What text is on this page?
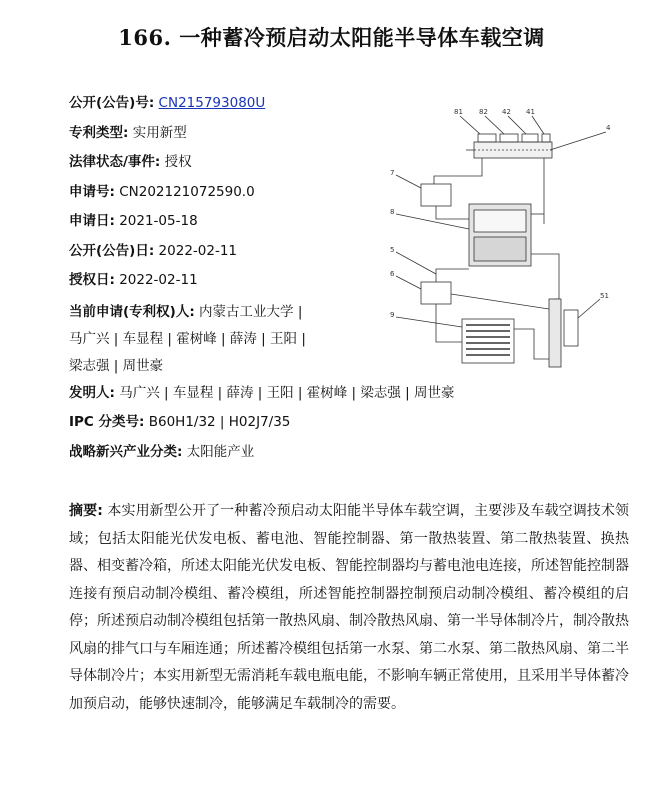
166. 一种蓄冷预启动太阳能半导体车载空调
公开(公告)号: CN215793080U
专利类型: 实用新型
法律状态/事件: 授权
申请号: CN202121072590.0
申请日: 2021-05-18
公开(公告)日: 2022-02-11
授权日: 2022-02-11
当前申请(专利权)人: 内蒙古工业大学 |
马广兴 | 车显程 | 霍树峰 | 薛涛 | 王阳 |
梁志强 | 周世豪
发明人: 马广兴 | 车显程 | 薛涛 | 王阳 | 霍树峰 | 梁志强 | 周世豪
IPC 分类号: B60H1/32 | H02J7/35
战略新兴产业分类: 太阳能产业
81 82 42 41
4
7
8
5
6
51
9
摘要: 本实用新型公开了一种蓄冷预启动太阳能半导体车载空调，主要涉及车载空调技术领域；包括太阳能光伏发电板、蓄电池、智能控制器、第一散热装置、第二散热装置、换热器、相变蓄冷箱，所述太阳能光伏发电板、智能控制器均与蓄电池电连接，所述智能控制器连接有预启动制冷模组、蓄冷模组，所述智能控制器控制预启动制冷模组、蓄冷模组的启停；所述预启动制冷模组包括第一散热风扇、制冷散热风扇、第一半导体制冷片，制冷散热风扇的排气口与车厢连通；所述蓄冷模组包括第一水泵、第二水泵、第二散热风扇、第二半导体制冷片；本实用新型无需消耗车载电瓶电能，不影响车辆正常使用，且采用半导体蓄冷加预启动，能够快速制冷，能够满足车载制冷的需要。
